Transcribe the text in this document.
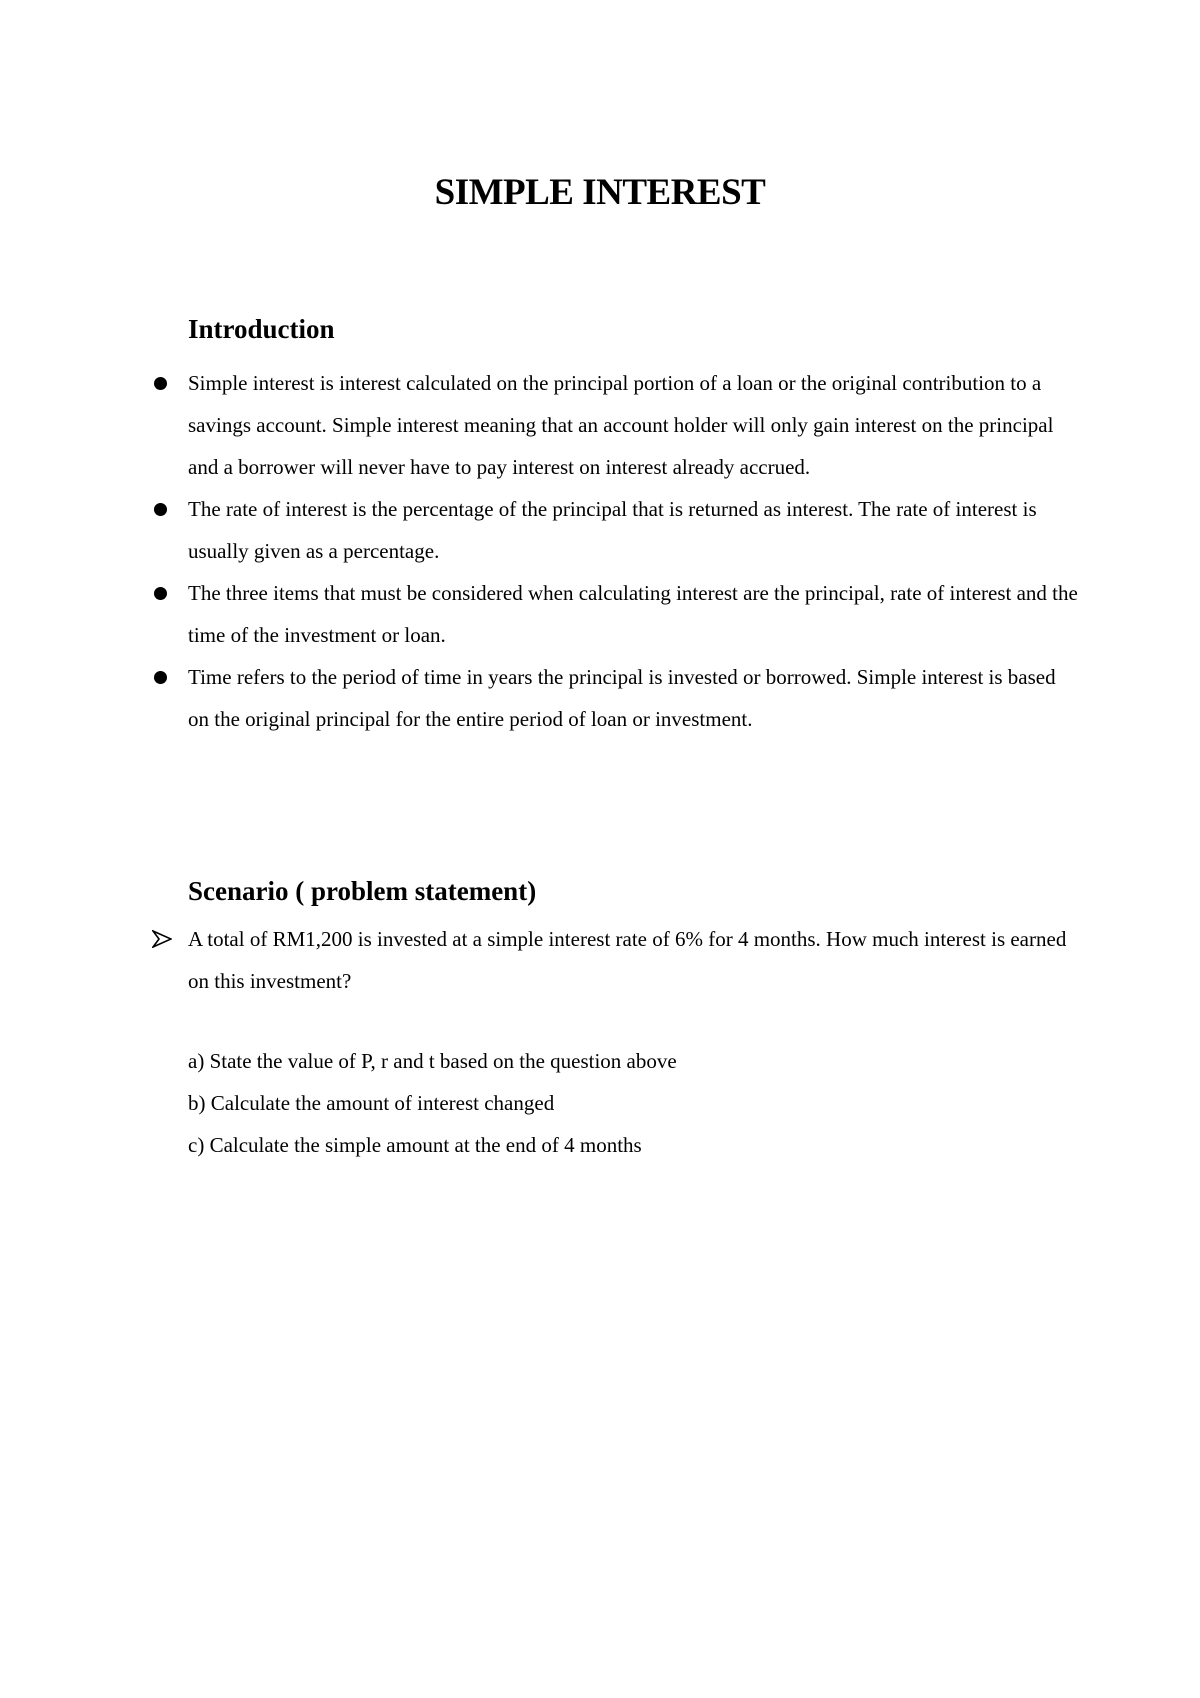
SIMPLE INTEREST
Introduction
Simple interest is interest calculated on the principal portion of a loan or the original contribution to a savings account. Simple interest meaning that an account holder will only gain interest on the principal and a borrower will never have to pay interest on interest already accrued.
The rate of interest is the percentage of the principal that is returned as interest. The rate of interest is usually given as a percentage.
The three items that must be considered when calculating interest are the principal, rate of interest and the time of the investment or loan.
Time refers to the period of time in years the principal is invested or borrowed. Simple interest is based on the original principal for the entire period of loan or investment.
Scenario ( problem statement)
A total of RM1,200 is invested at a simple interest rate of 6% for 4 months. How much interest is earned on this investment?
a) State the value of P, r and t based on the question above
b) Calculate the amount of interest changed
c) Calculate the simple amount at the end of 4 months
